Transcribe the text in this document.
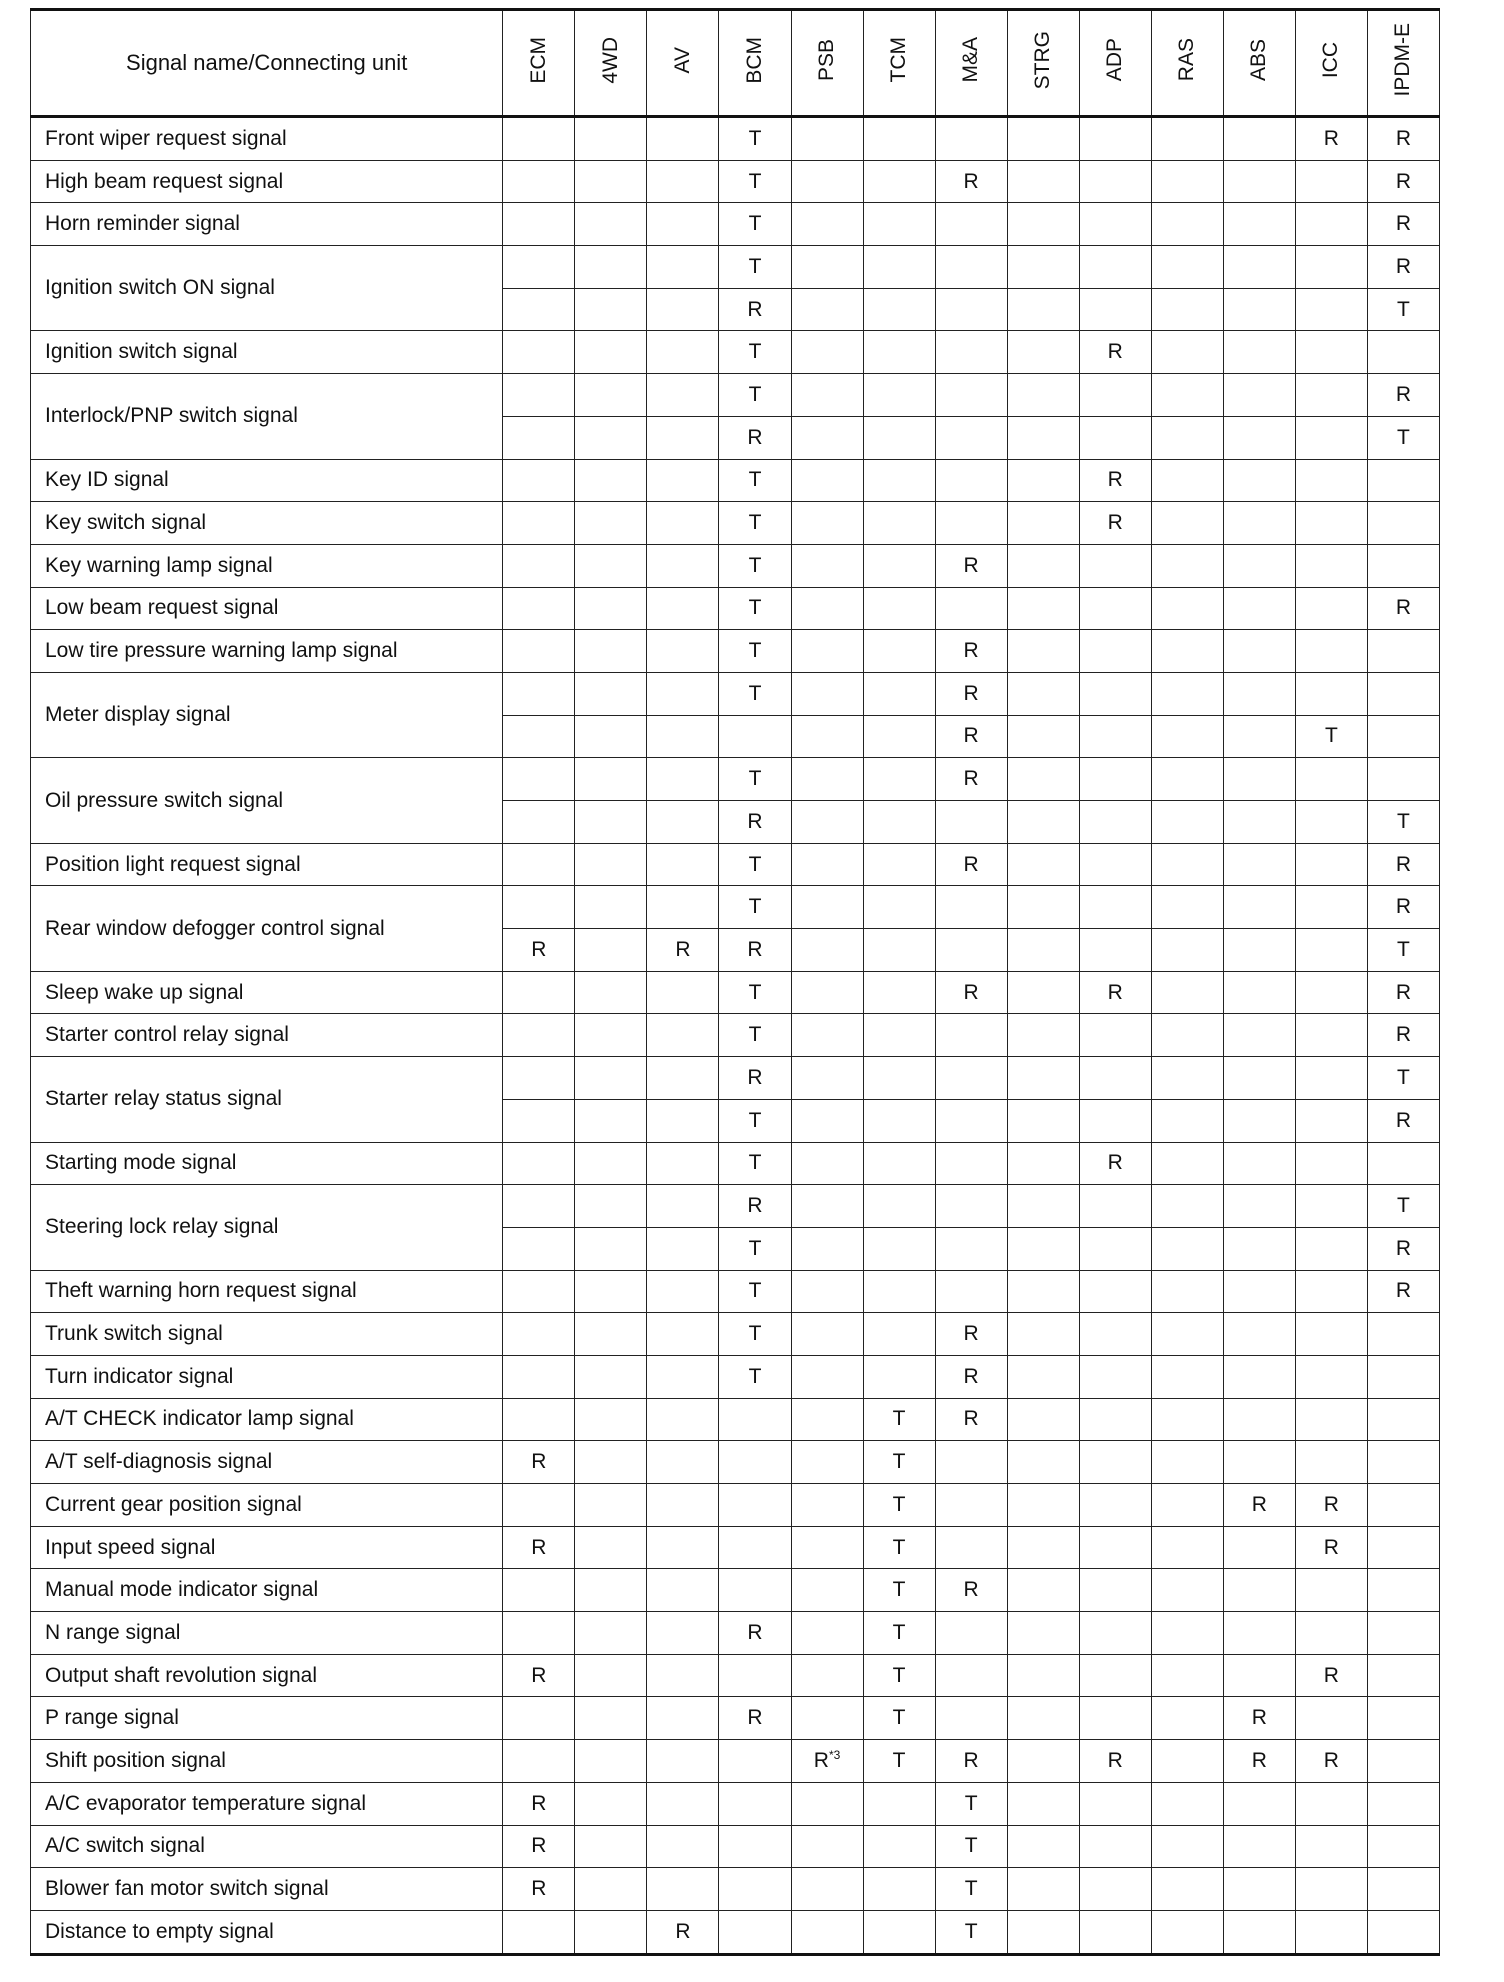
Signal name/Connecting unit	ECM	4WD	AV	BCM	PSB	TCM	M&A	STRG	ADP	RAS	ABS	ICC	IPDM-E
Front wiper request signal				T								R	R
High beam request signal				T			R						R
Horn reminder signal				T									R
Ignition switch ON signal				T									R
				R									T
Ignition switch signal				T					R				
Interlock/PNP switch signal				T									R
				R									T
Key ID signal				T					R				
Key switch signal				T					R				
Key warning lamp signal				T			R						
Low beam request signal				T									R
Low tire pressure warning lamp signal				T			R						
Meter display signal				T			R						
							R					T	
Oil pressure switch signal				T			R						
				R									T
Position light request signal				T			R						R
Rear window defogger control signal				T									R
	R		R	R									T
Sleep wake up signal				T			R		R				R
Starter control relay signal				T									R
Starter relay status signal				R									T
				T									R
Starting mode signal				T					R				
Steering lock relay signal				R									T
				T									R
Theft warning horn request signal				T									R
Trunk switch signal				T			R						
Turn indicator signal				T			R						
A/T CHECK indicator lamp signal						T	R						
A/T self-diagnosis signal	R					T							
Current gear position signal						T					R	R	
Input speed signal	R					T						R	
Manual mode indicator signal						T	R						
N range signal				R		T							
Output shaft revolution signal	R					T						R	
P range signal				R		T					R		
Shift position signal					$R^{*3}$	T	R		R		R	R	
A/C evaporator temperature signal	R						T						
A/C switch signal	R						T						
Blower fan motor switch signal	R						T						
Distance to empty signal			R				T						
